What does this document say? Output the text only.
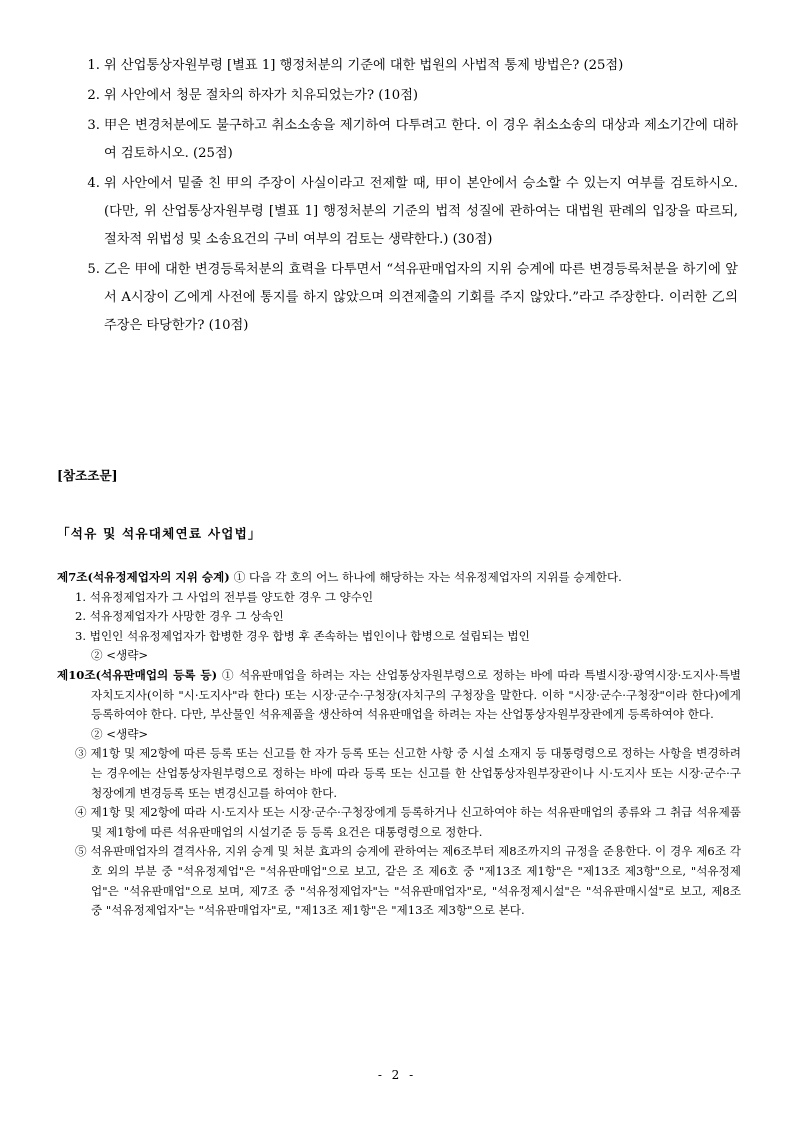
1. 위 산업통상자원부령 [별표 1] 행정처분의 기준에 대한 법원의 사법적 통제 방법은? (25점)
2. 위 사안에서 청문 절차의 하자가 치유되었는가? (10점)
3. 甲은 변경처분에도 불구하고 취소소송을 제기하여 다투려고 한다. 이 경우 취소소송의 대상과 제소기간에 대하여 검토하시오. (25점)
4. 위 사안에서 밑줄 친 甲의 주장이 사실이라고 전제할 때, 甲이 본안에서 승소할 수 있는지 여부를 검토하시오. (다만, 위 산업통상자원부령 [별표 1] 행정처분의 기준의 법적 성질에 관하여는 대법원 판례의 입장을 따르되, 절차적 위법성 및 소송요건의 구비 여부의 검토는 생략한다.) (30점)
5. 乙은 甲에 대한 변경등록처분의 효력을 다투면서 “석유판매업자의 지위 승계에 따른 변경등록처분을 하기에 앞서 A시장이 乙에게 사전에 통지를 하지 않았으며 의견제출의 기회를 주지 않았다.”라고 주장한다. 이러한 乙의 주장은 타당한가? (10점)
[참조조문]
「석유 및 석유대체연료 사업법」
제7조(석유정제업자의 지위 승계) ① 다음 각 호의 어느 하나에 해당하는 자는 석유정제업자의 지위를 승계한다.
1. 석유정제업자가 그 사업의 전부를 양도한 경우 그 양수인
2. 석유정제업자가 사망한 경우 그 상속인
3. 법인인 석유정제업자가 합병한 경우 합병 후 존속하는 법인이나 합병으로 설립되는 법인
② <생략>
제10조(석유판매업의 등록 등) ① 석유판매업을 하려는 자는 산업통상자원부령으로 정하는 바에 따라 특별시장·광역시장·도지사·특별자치도지사(이하 "시·도지사"라 한다) 또는 시장·군수·구청장(자치구의 구청장을 말한다. 이하 "시장·군수·구청장"이라 한다)에게 등록하여야 한다. 다만, 부산물인 석유제품을 생산하여 석유판매업을 하려는 자는 산업통상자원부장관에게 등록하여야 한다.
② <생략>
③ 제1항 및 제2항에 따른 등록 또는 신고를 한 자가 등록 또는 신고한 사항 중 시설 소재지 등 대통령령으로 정하는 사항을 변경하려는 경우에는 산업통상자원부령으로 정하는 바에 따라 등록 또는 신고를 한 산업통상자원부장관이나 시·도지사 또는 시장·군수·구청장에게 변경등록 또는 변경신고를 하여야 한다.
④ 제1항 및 제2항에 따라 시·도지사 또는 시장·군수·구청장에게 등록하거나 신고하여야 하는 석유판매업의 종류와 그 취급 석유제품 및 제1항에 따른 석유판매업의 시설기준 등 등록 요건은 대통령령으로 정한다.
⑤ 석유판매업자의 결격사유, 지위 승계 및 처분 효과의 승계에 관하여는 제6조부터 제8조까지의 규정을 준용한다. 이 경우 제6조 각 호 외의 부분 중 "석유정제업"은 "석유판매업"으로 보고, 같은 조 제6호 중 "제13조 제1항"은 "제13조 제3항"으로, "석유정제업"은 "석유판매업"으로 보며, 제7조 중 "석유정제업자"는 "석유판매업자"로, "석유정제시설"은 "석유판매시설"로 보고, 제8조 중 "석유정제업자"는 "석유판매업자"로, "제13조 제1항"은 "제13조 제3항"으로 본다.
- 2 -
